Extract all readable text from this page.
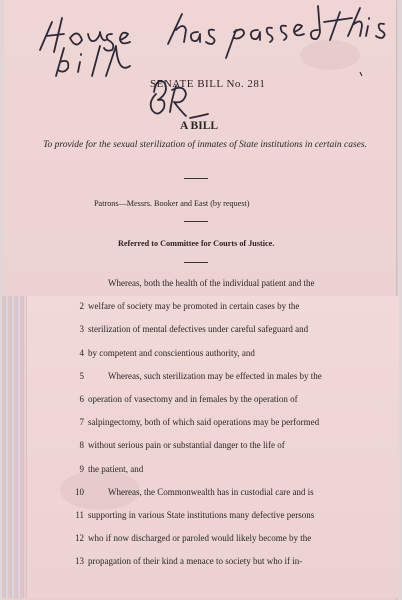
SENATE BILL No. 281
A BILL
To provide for the sexual sterilization of inmates of State institutions in certain cases.
Patrons—Messrs. Booker and East (by request)
Referred to Committee for Courts of Justice.
Whereas, both the health of the individual patient and the
2 welfare of society may be promoted in certain cases by the
3 sterilization of mental defectives under careful safeguard and
4 by competent and conscientious authority, and
5	Whereas, such sterilization may be effected in males by the
6 operation of vasectomy and in females by the operation of
7 salpingectomy, both of which said operations may be performed
8 without serious pain or substantial danger to the life of
9 the patient, and
10	Whereas, the Commonwealth has in custodial care and is
11 supporting in various State institutions many defective persons
12 who if now discharged or paroled would likely become by the
13 propagation of their kind a menace to society but who if in-
